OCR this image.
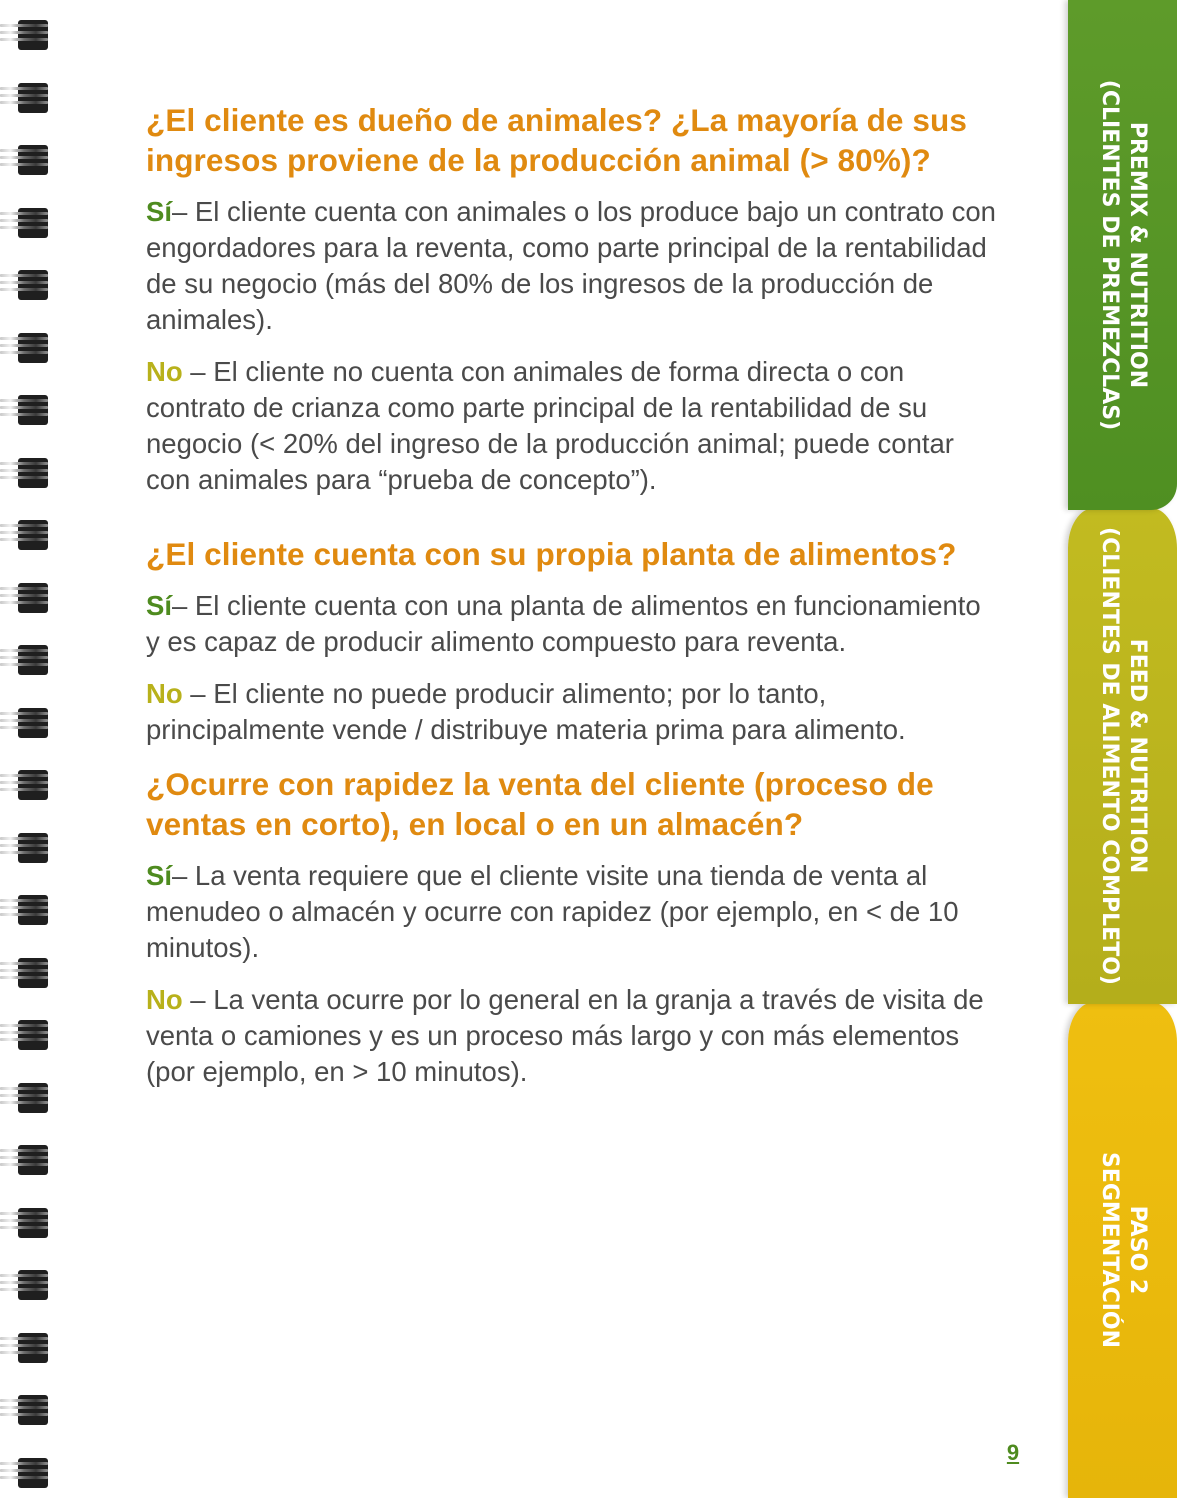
¿El cliente es dueño de animales? ¿La mayoría de sus ingresos proviene de la producción animal (> 80%)?

Sí– El cliente cuenta con animales o los produce bajo un contrato con engordadores para la reventa, como parte principal de la rentabilidad de su negocio (más del 80% de los ingresos de la producción de animales).

No – El cliente no cuenta con animales de forma directa o con contrato de crianza como parte principal de la rentabilidad de su negocio (< 20% del ingreso de la producción animal; puede contar con animales para “prueba de concepto”).

¿El cliente cuenta con su propia planta de alimentos?

Sí– El cliente cuenta con una planta de alimentos en funcionamiento y es capaz de producir alimento compuesto para reventa.

No – El cliente no puede producir alimento; por lo tanto, principalmente vende / distribuye materia prima para alimento.

¿Ocurre con rapidez la venta del cliente (proceso de ventas en corto), en local o en un almacén?

Sí– La venta requiere que el cliente visite una tienda de venta al menudeo o almacén y ocurre con rapidez (por ejemplo, en < de 10 minutos).

No – La venta ocurre por lo general en la granja a través de visita de venta o camiones y es un proceso más largo y con más elementos (por ejemplo, en > 10 minutos).

9
PREMIX & NUTRITION
(CLIENTES DE PREMEZCLAS)
FEED & NUTRITION
(CLIENTES DE ALIMENTO COMPLETO)
PASO 2
SEGMENTACIÓN
